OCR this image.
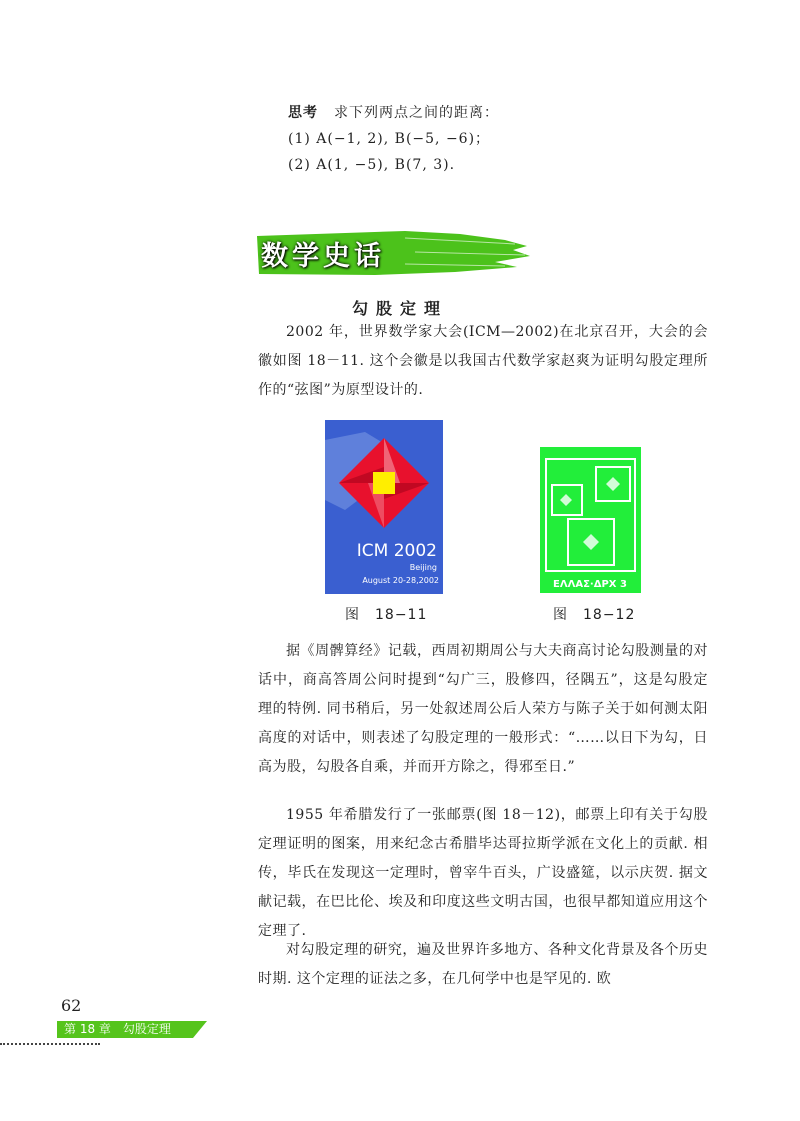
思考 求下列两点之间的距离：
(1) A(−1, 2), B(−5, −6)；
(2) A(1, −5), B(7, 3).
数学史话
勾股定理
2002 年，世界数学家大会(ICM—2002)在北京召开，大会的会徽如图 18－11. 这个会徽是以我国古代数学家赵爽为证明勾股定理所作的“弦图”为原型设计的.
ICM 2002
Beijing
August 20-28,2002
图　18−11
ΕΛΛΑΣ·ΔΡΧ 3
图　18−12
据《周髀算经》记载，西周初期周公与大夫商高讨论勾股测量的对话中，商高答周公问时提到“勾广三，股修四，径隅五”，这是勾股定理的特例. 同书稍后，另一处叙述周公后人荣方与陈子关于如何测太阳高度的对话中，则表述了勾股定理的一般形式：“……以日下为勾，日高为股，勾股各自乘，并而开方除之，得邪至日.”
1955 年希腊发行了一张邮票(图 18－12)，邮票上印有关于勾股定理证明的图案，用来纪念古希腊毕达哥拉斯学派在文化上的贡献. 相传，毕氏在发现这一定理时，曾宰牛百头，广设盛筵，以示庆贺. 据文献记载，在巴比伦、埃及和印度这些文明古国，也很早都知道应用这个定理了.
对勾股定理的研究，遍及世界许多地方、各种文化背景及各个历史时期. 这个定理的证法之多，在几何学中也是罕见的. 欧
62
第 18 章　勾股定理
